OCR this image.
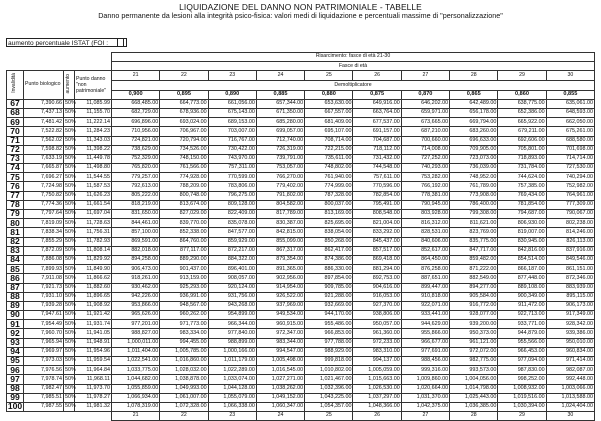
LIQUIDAZIONE DEL DANNO NON PATRIMONIALE - TABELLE
Danno permanente da lesioni alla integrità psico-fisica: valori medi di liquidazione e percentuali massime di "personalizzazione"
aumento percentuale ISTAT (FOI :
				Risarcimento: fasce di età 21-30									
				Fasce di età									
Invalidità	Punto biologico	aumento	Punto danno "non patrimoniale"	21	22	23	24	25	26	27	28	29	30
				Demoltiplicatore									
				0,900	0,895	0,890	0,885	0,880	0,875	0,870	0,865	0,860	0,855
67	7,390.66	50%	11,085.99	668,485.00	664,773.00	661,056.00	657,344.00	653,630.00	649,916.00	646,202.00	642,489.00	638,775.00	635,061.00
68	7,437.13	50%	11,155.70	682,729.00	678,936.00	675,143.00	671,350.00	667,557.00	663,764.00	659,971.00	656,178.00	652,386.00	648,593.00
69	7,481.42	50%	11,222.14	696,896.00	693,024.00	689,153.00	685,280.00	681,409.00	677,537.00	673,665.00	669,794.00	665,922.00	662,050.00
70	7,522.82	50%	11,284.23	710,956.00	706,967.00	703,007.00	699,057.00	695,107.00	691,157.00	687,210.00	683,260.00	679,211.00	675,261.00
71	7,562.02	50%	11,343.03	724,821.00	720,794.00	716,767.00	712,740.00	708,714.00	704,687.00	700,660.00	696,633.00	692,606.00	688,580.00
72	7,598.82	50%	11,398.22	738,629.00	734,526.00	730,422.00	726,319.00	722,215.00	718,112.00	714,008.00	709,905.00	705,801.00	701,698.00
73	7,633.19	50%	11,449.78	752,329.00	748,150.00	743,970.00	739,791.00	735,611.00	731,432.00	727,252.00	723,073.00	718,893.00	714,714.00
74	7,665.87	50%	11,498.80	765,820.00	761,566.00	757,311.00	753,057.00	748,802.00	744,548.00	740,293.00	736,039.00	731,784.00	727,530.00
75	7,696.27	50%	11,544.55	779,257.00	774,928.00	770,599.00	766,270.00	761,940.00	757,611.00	753,282.00	748,952.00	744,624.00	740,294.00
76	7,724.98	50%	11,587.53	792,613.00	788,209.00	783,806.00	779,402.00	774,999.00	770,596.00	766,192.00	761,789.00	757,385.00	752,982.00
77	7,750.82	50%	11,626.23	805,222.00	800,748.00	796,275.00	791,802.00	787,328.00	782,854.00	778,381.00	773,908.00	769,434.00	764,961.00
78	7,774.36	50%	11,661.54	818,219.00	813,674.00	809,128.00	804,582.00	800,037.00	795,491.00	790,945.00	786,400.00	781,854.00	777,309.00
79	7,797.64	50%	11,697.04	831,650.00	827,029.00	822,409.00	817,789.00	813,169.00	808,548.00	803,928.00	799,308.00	794,687.00	790,067.00
80	7,819.09	50%	11,728.63	844,461.00	839,770.00	835,078.00	830,387.00	825,695.00	821,004.00	816,312.00	811,621.00	806,930.00	802,238.00
81	7,838.34	50%	11,756.31	857,100.00	852,338.00	847,577.00	842,815.00	838,054.00	833,292.00	828,531.00	823,769.00	819,007.00	814,246.00
82	7,855.29	50%	11,782.93	869,591.00	864,760.00	859,929.00	855,099.00	850,268.00	845,437.00	840,606.00	835,775.00	830,945.00	826,113.00
83	7,872.09	50%	11,808.14	882,018.00	877,117.00	872,217.00	867,317.00	862,417.00	857,517.00	852,617.00	847,717.00	842,816.00	837,916.00
84	7,886.08	50%	11,829.92	894,258.00	889,290.00	884,322.00	879,354.00	874,386.00	869,418.00	864,450.00	859,482.00	854,514.00	849,546.00
85	7,899.93	50%	11,849.90	906,473.00	901,437.00	896,401.00	891,365.00	886,330.00	881,294.00	876,258.00	871,222.00	866,187.00	861,151.00
86	7,911.08	50%	11,866.62	918,261.00	913,159.00	908,057.00	902,956.00	897,854.00	892,753.00	887,651.00	882,549.00	877,448.00	872,346.00
87	7,921.73	50%	11,882.60	930,462.00	925,293.00	920,124.00	914,954.00	909,785.00	904,616.00	899,447.00	894,277.00	889,108.00	883,939.00
88	7,931.10	50%	11,896.65	942,226.00	936,991.00	931,756.00	926,522.00	921,288.00	916,053.00	910,818.00	905,584.00	900,349.00	895,115.00
89	7,939.28	50%	11,908.92	953,866.00	948,567.00	943,268.00	937,969.00	932,669.00	927,370.00	922,071.00	916,772.00	911,472.00	906,173.00
90	7,947.61	50%	11,921.42	965,626.00	960,262.00	954,899.00	949,534.00	944,170.00	938,806.00	933,441.00	928,077.00	922,713.00	917,349.00
91	7,954.49	50%	11,931.74	977,201.00	971,773.00	966,344.00	960,915.00	955,486.00	950,057.00	944,629.00	939,200.00	933,771.00	928,342.00
92	7,960.70	50%	11,941.05	988,827.00	983,334.00	977,840.00	972,347.00	966,853.00	961,360.00	955,866.00	950,373.00	944,879.00	939,386.00
93	7,965.94	50%	11,948.91	1,000,011.00	994,455.00	988,899.00	983,344.00	977,788.00	972,233.00	966,677.00	961,121.00	955,566.00	950,010.00
94	7,969.97	50%	11,954.96	1,011,404.00	1,005,785.00	1,000,166.00	994,547.00	988,929.00	983,310.00	977,691.00	972,072.00	966,453.00	960,834.00
95	7,973.03	50%	11,959.54	1,022,541.00	1,016,860.00	1,011,179.00	1,005,498.00	999,818.00	994,137.00	988,456.00	982,775.00	977,094.00	971,414.00
96	7,976.56	50%	11,964.84	1,033,775.00	1,028,032.00	1,022,289.00	1,016,545.00	1,010,802.00	1,005,059.00	999,316.00	993,573.00	987,830.00	982,087.00
97	7,978.74	50%	11,968.11	1,044,682.00	1,038,878.00	1,033,074.00	1,027,271.00	1,021,467.00	1,015,663.00	1,009,860.00	1,004,056.00	998,252.00	992,448.00
98	7,982.47	50%	11,973.70	1,055,859.00	1,049,993.00	1,044,128.00	1,038,262.00	1,032,396.00	1,026,530.00	1,020,664.00	1,014,798.00	1,008,932.00	1,003,066.00
99	7,985.51	50%	11,978.27	1,066,934.00	1,061,007.00	1,055,079.00	1,049,152.00	1,043,225.00	1,037,297.00	1,031,370.00	1,025,443.00	1,019,516.00	1,013,588.00
100	7,987.55	50%	11,981.32	1,078,319.00	1,072,328.00	1,066,338.00	1,060,347.00	1,054,357.00	1,048,366.00	1,042,375.00	1,036,385.00	1,030,394.00	1,024,404.00
				21	22	23	24	25	26	27	28	29	30
